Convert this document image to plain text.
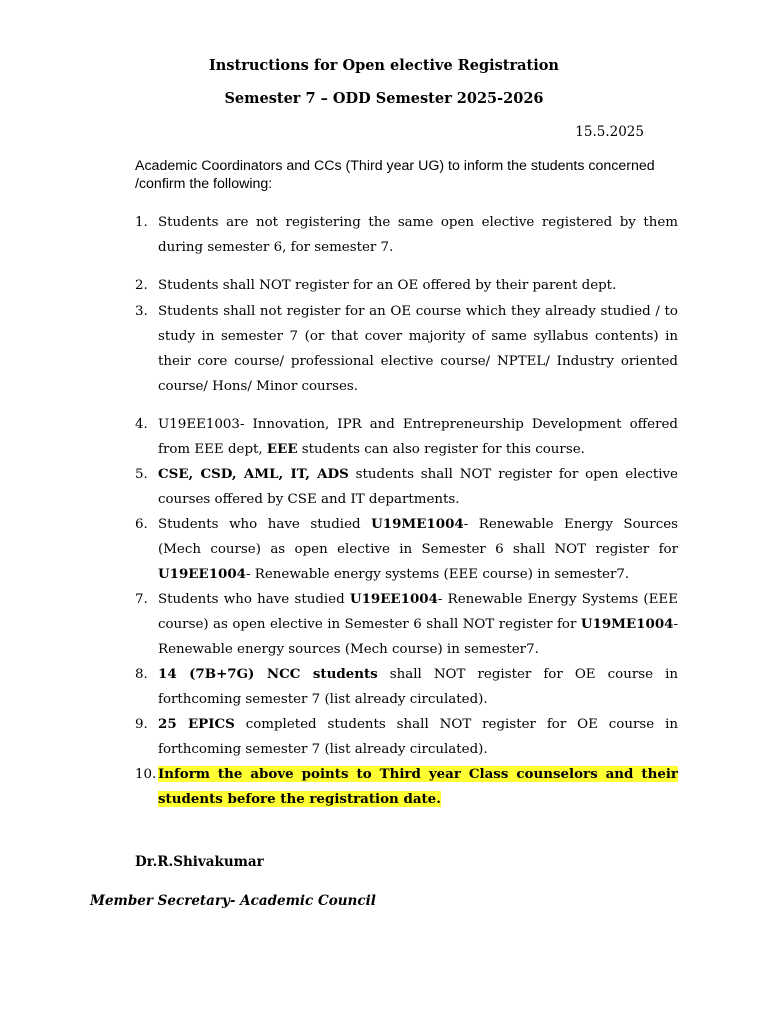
Instructions for Open elective Registration
Semester 7 – ODD Semester 2025-2026
15.5.2025
Academic Coordinators and CCs (Third year UG) to inform the students concerned /confirm the following:
1. Students are not registering the same open elective registered by them during semester 6, for semester 7.
2. Students shall NOT register for an OE offered by their parent dept.
3. Students shall not register for an OE course which they already studied / to study in semester 7 (or that cover majority of same syllabus contents) in their core course/ professional elective course/ NPTEL/ Industry oriented course/ Hons/ Minor courses.
4. U19EE1003- Innovation, IPR and Entrepreneurship Development offered from EEE dept, EEE students can also register for this course.
5. CSE, CSD, AML, IT, ADS students shall NOT register for open elective courses offered by CSE and IT departments.
6. Students who have studied U19ME1004- Renewable Energy Sources (Mech course) as open elective in Semester 6 shall NOT register for U19EE1004- Renewable energy systems (EEE course) in semester7.
7. Students who have studied U19EE1004- Renewable Energy Systems (EEE course) as open elective in Semester 6 shall NOT register for U19ME1004- Renewable energy sources (Mech course) in semester7.
8. 14 (7B+7G) NCC students shall NOT register for OE course in forthcoming semester 7 (list already circulated).
9. 25 EPICS completed students shall NOT register for OE course in forthcoming semester 7 (list already circulated).
10. Inform the above points to Third year Class counselors and their students before the registration date.
Dr.R.Shivakumar
Member Secretary- Academic Council
